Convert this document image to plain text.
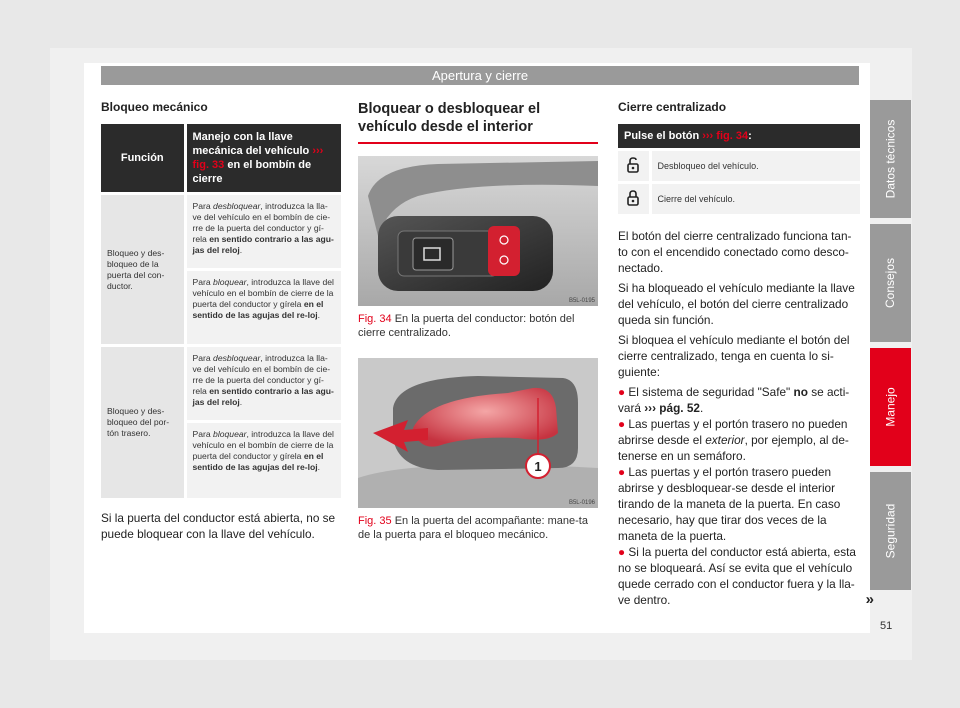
Apertura y cierre
Datos técnicos
Consejos
Manejo
Seguridad
Bloqueo mecánico
Función	Manejo con la llave mecánica del vehículo ››› fig. 33 en el bombín de cierre
Bloqueo y des-bloqueo de la puerta del con-ductor.	Para desbloquear, introduzca la lla-ve del vehículo en el bombín de cie-rre de la puerta del conductor y gí-rela en sentido contrario a las agu-jas del reloj.
	Para bloquear, introduzca la llave del vehículo en el bombín de cierre de la puerta del conductor y gírela en el sentido de las agujas del re-loj.
Bloqueo y des-bloqueo del por-tón trasero.	Para desbloquear, introduzca la lla-ve del vehículo en el bombín de cie-rre de la puerta del conductor y gí-rela en sentido contrario a las agu-jas del reloj.
	Para bloquear, introduzca la llave del vehículo en el bombín de cierre de la puerta del conductor y gírela en el sentido de las agujas del re-loj.

Si la puerta del conductor está abierta, no se puede bloquear con la llave del vehículo.

Bloquear o desbloquear el vehículo desde el interior
B5L-0195

Fig. 34 En la puerta del conductor: botón del cierre centralizado.

1
B5L-0196

Fig. 35 En la puerta del acompañante: mane-ta de la puerta para el bloqueo mecánico.

Cierre centralizado
Pulse el botón ››› fig. 34:	
	Desbloqueo del vehículo.
	Cierre del vehículo.

El botón del cierre centralizado funciona tan-to con el encendido conectado como desco-nectado.

Si ha bloqueado el vehículo mediante la llave del vehículo, el botón del cierre centralizado queda sin función.

Si bloquea el vehículo mediante el botón del cierre centralizado, tenga en cuenta lo si-guiente:

● El sistema de seguridad "Safe" no se acti-vará ››› pág. 52.

● Las puertas y el portón trasero no pueden abrirse desde el exterior, por ejemplo, al de-tenerse en un semáforo.

● Las puertas y el portón trasero pueden abrirse y desbloquear-se desde el interior tirando de la maneta de la puerta. En caso necesario, hay que tirar dos veces de la maneta de la puerta.

● Si la puerta del conductor está abierta, esta no se bloqueará. Así se evita que el vehículo quede cerrado con el conductor fuera y la lla-ve dentro.	»

51
